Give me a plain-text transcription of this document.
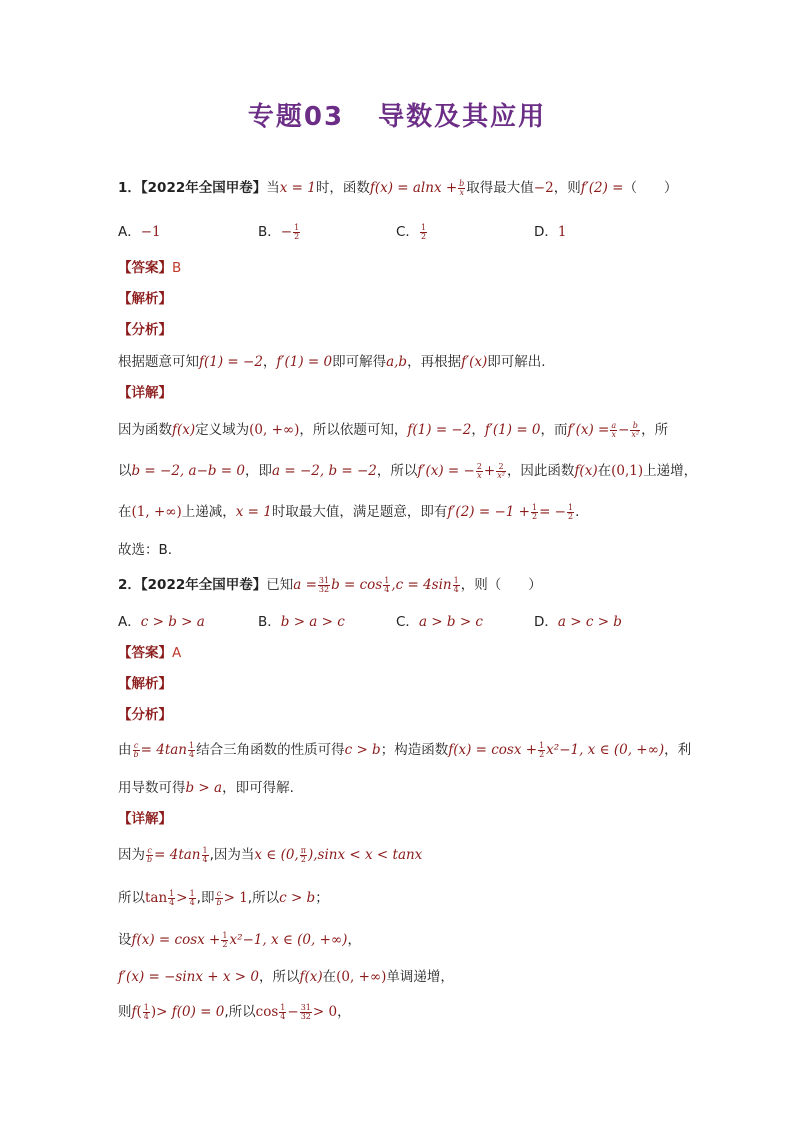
专题03 导数及其应用
1．【2022年全国甲卷】当x = 1时，函数$f(x) = alnx + \frac{b}{x}$ 取得最大值−2，则f′(2) =（　　）
A．−1	B．− $\frac{1}{2}$	C． $\frac{1}{2}$	D．1
【答案】B
【解析】
【分析】
根据题意可知f(1) = −2，f′(1) = 0即可解得a,b，再根据f′(x)即可解出.
【详解】
因为函数f(x)定义域为(0, +∞)，所以依题可知，f(1) = −2，f′(1) = 0，而$f'(x) = \frac{a}{x} - \frac{b}{\text{x²}}$ ，所
以b = −2, a−b = 0，即a = −2, b = −2，所以f′(x) = − $\frac{2}{x} + \frac{2}{\text{x²}}$ ，因此函数f(x)在(0,1)上递增，
在(1, +∞)上递减，x = 1时取最大值，满足题意，即有$f'(2) = -1 + \frac{1}{2}$ = − $\frac{1}{2}$ .
故选：B.
2．【2022年全国甲卷】已知$a = \frac{31}{32}$ $b = \cos \frac{1}{4} ,c = 4\sin \frac{1}{4}$ ，则（　　）
A．c > b > a	B．b > a > c	C．a > b > c	D．a > c > b
【答案】A
【解析】
【分析】
由 $\frac{c}{b} = 4\tan \frac{1}{4}$ 结合三角函数的性质可得c > b；构造函数$f(x) = \cos x + \frac{1}{2} x^2-1$, x ∈ (0, +∞)，利
用导数可得b > a，即可得解.
【详解】
因为 $\frac{c}{b} = 4\tan \frac{1}{4}$ ,因为当x ∈ (0, $\frac{\pi}{2} ),\sin x < x < \tan x$
所以$\tan \frac{1}{4} > \frac{1}{4}$ ,即 $\frac{c}{b} > 1$,所以c > b；
设$f(x) = \cos x + \frac{1}{2} x^2-1$, x ∈ (0, +∞)，
f′(x) = −sinx + x > 0，所以f(x)在(0, +∞)单调递增，
则$f( \frac{1}{4}$ )> f(0) = 0,所以$\cos \frac{1}{4} - \frac{31}{32} > 0$，
